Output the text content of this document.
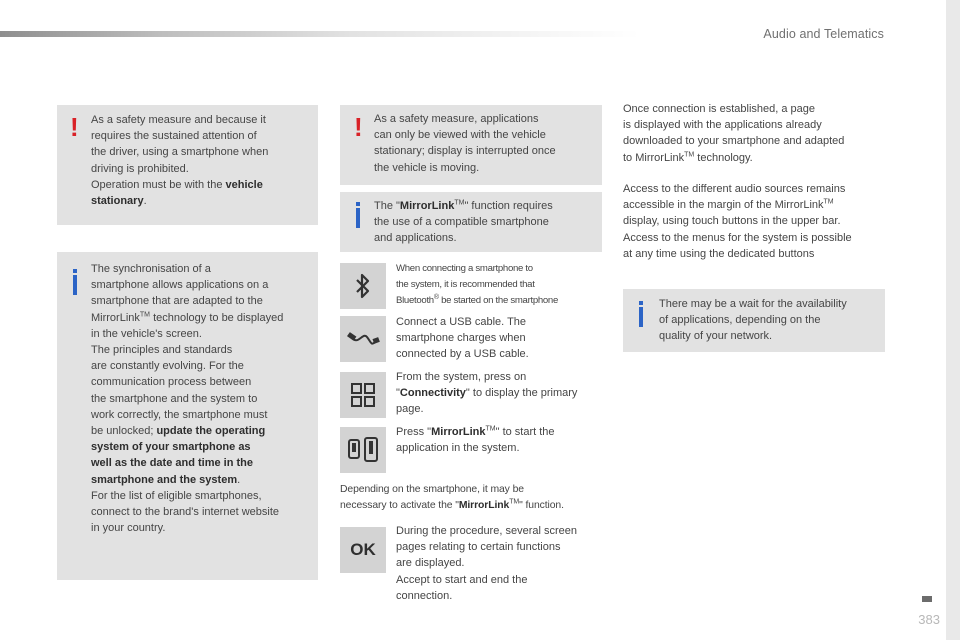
Audio and Telematics
! As a safety measure and because it
requires the sustained attention of
the driver, using a smartphone when
driving is prohibited.
Operation must be with the vehicle
stationary.
The synchronisation of a
smartphone allows applications on a
smartphone that are adapted to the
MirrorLink™ technology to be displayed
in the vehicle's screen.
The principles and standards
are constantly evolving. For the
communication process between
the smartphone and the system to
work correctly, the smartphone must
be unlocked; update the operating
system of your smartphone as
well as the date and time in the
smartphone and the system.
For the list of eligible smartphones,
connect to the brand's internet website
in your country.
! As a safety measure, applications
can only be viewed with the vehicle
stationary; display is interrupted once
the vehicle is moving.
The "MirrorLink™" function requires
the use of a compatible smartphone
and applications.
When connecting a smartphone to
the system, it is recommended that
Bluetooth® be started on the smartphone
Connect a USB cable. The
smartphone charges when
connected by a USB cable.
From the system, press on
"Connectivity" to display the primary
page.
Press "MirrorLink™" to start the
application in the system.
Depending on the smartphone, it may be
necessary to activate the "MirrorLink™" function.
OK
During the procedure, several screen
pages relating to certain functions
are displayed.
Accept to start and end the
connection.
Once connection is established, a page
is displayed with the applications already
downloaded to your smartphone and adapted
to MirrorLink™ technology.
Access to the different audio sources remains
accessible in the margin of the MirrorLink™
display, using touch buttons in the upper bar.
Access to the menus for the system is possible
at any time using the dedicated buttons
There may be a wait for the availability
of applications, depending on the
quality of your network.
383
